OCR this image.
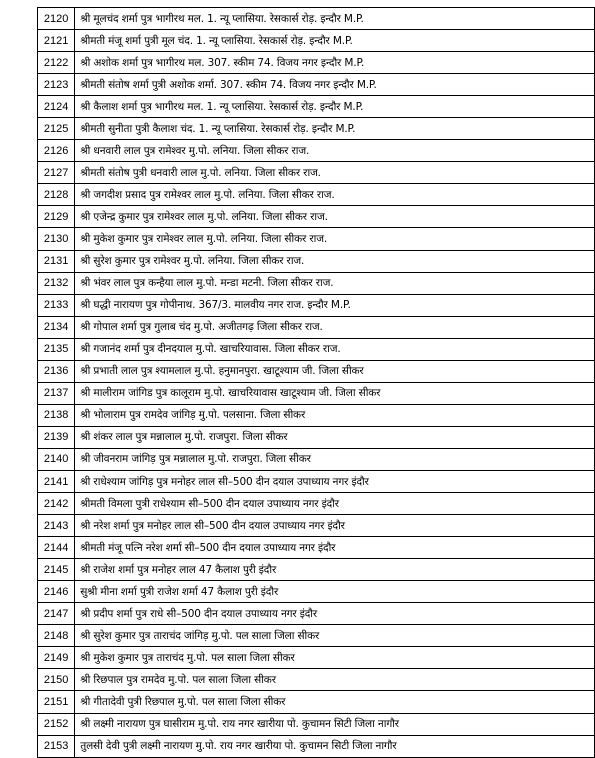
2120	श्री मूलचंद शर्मा पुत्र भागीरथ मल. 1. न्यू प्लासिया. रेसकार्स रोड़. इन्दौर M.P.
2121	श्रीमती मंजू शर्मा पुत्री मूल चंद. 1. न्यू प्लासिया. रेसकार्स रोड़. इन्दौर M.P.
2122	श्री अशोक शर्मा पुत्र भागीरथ मल. 307. स्कीम 74. विजय नगर इन्दौर M.P.
2123	श्रीमती संतोष शर्मा पुत्री अशोक शर्मा. 307. स्कीम 74. विजय नगर इन्दौर M.P.
2124	श्री कैलाश शर्मा पुत्र भागीरथ मल. 1. न्यू प्लासिया. रेसकार्स रोड़. इन्दौर M.P.
2125	श्रीमती सुनीता पुत्री कैलाश चंद. 1. न्यू प्लासिया. रेसकार्स रोड़. इन्दौर M.P.
2126	श्री धनवारी लाल पुत्र रामेश्वर मु.पो. लनिया. जिला सीकर राज.
2127	श्रीमती संतोष पुत्री धनवारी लाल मु.पो. लनिया. जिला सीकर राज.
2128	श्री जगदीश प्रसाद पुत्र रामेश्वर लाल मु.पो. लनिया. जिला सीकर राज.
2129	श्री एजेन्द्र कुमार पुत्र रामेश्वर लाल मु.पो. लनिया. जिला सीकर राज.
2130	श्री मुकेश कुमार पुत्र रामेश्वर लाल मु.पो. लनिया. जिला सीकर राज.
2131	श्री सुरेश कुमार पुत्र रामेश्वर मु.पो. लनिया. जिला सीकर राज.
2132	श्री भंवर लाल पुत्र कन्हैया लाल मु.पो. मन्डा मटनी. जिला सीकर राज.
2133	श्री घद्धी नारायण पुत्र गोपीनाथ. 367/3. मालवीय नगर राज. इन्दौर M.P.
2134	श्री गोपाल शर्मा पुत्र गुलाब चंद मु.पो. अजीतगढ़ जिला सीकर राज.
2135	श्री गजानंद शर्मा पुत्र दीनदयाल मु.पो. खाचरियावास. जिला सीकर राज.
2136	श्री प्रभाती लाल पुत्र श्यामलाल मु.पो. हनुमानपुरा. खाटूश्याम जी. जिला सीकर
2137	श्री मालीराम जांगिड पुत्र कालूराम मु.पो. खाचरियावास खाटूश्याम जी. जिला सीकर
2138	श्री भोलाराम पुत्र रामदेव जांगिड़ मु.पो. पलसाना. जिला सीकर
2139	श्री शंकर लाल पुत्र मन्नालाल मु.पो. राजपुरा. जिला सीकर
2140	श्री जीवनराम जांगिड़ पुत्र मन्नालाल मु.पो. राजपुरा. जिला सीकर
2141	श्री राधेश्याम जांगिड़ पुत्र मनोहर लाल सी–500 दीन दयाल उपाध्याय नगर इंदौर
2142	श्रीमती विमला पुत्री राधेश्याम सी–500 दीन दयाल उपाध्याय नगर इंदौर
2143	श्री नरेश शर्मा पुत्र मनोहर लाल सी–500 दीन दयाल उपाध्याय नगर इंदौर
2144	श्रीमती मंजू पत्नि नरेश शर्मा सी–500 दीन दयाल उपाध्याय नगर इंदौर
2145	श्री राजेश शर्मा पुत्र मनोहर लाल 47 कैलाश पुरी इंदौर
2146	सुश्री मीना शर्मा पुत्री राजेश शर्मा 47 कैलाश पुरी इंदौर
2147	श्री प्रदीप शर्मा पुत्र राधे सी–500 दीन दयाल उपाध्याय नगर इंदौर
2148	श्री सुरेश कुमार पुत्र ताराचंद जांगिड़ मु.पो. पल साला जिला सीकर
2149	श्री मुकेश कुमार पुत्र ताराचंद मु.पो. पल साला जिला सीकर
2150	श्री रिछपाल पुत्र रामदेव मु.पो. पल साला जिला सीकर
2151	श्री गीतादेवी पुत्री रिछपाल मु.पो. पल साला जिला सीकर
2152	श्री लक्ष्मी नारायण पुत्र घासीराम मु.पो. राय नगर खारीया पो. कुचामन सिटी जिला नागौर
2153	तुलसी देवी पुत्री लक्ष्मी नारायण मु.पो. राय नगर खारीया पो. कुचामन सिटी जिला नागौर
